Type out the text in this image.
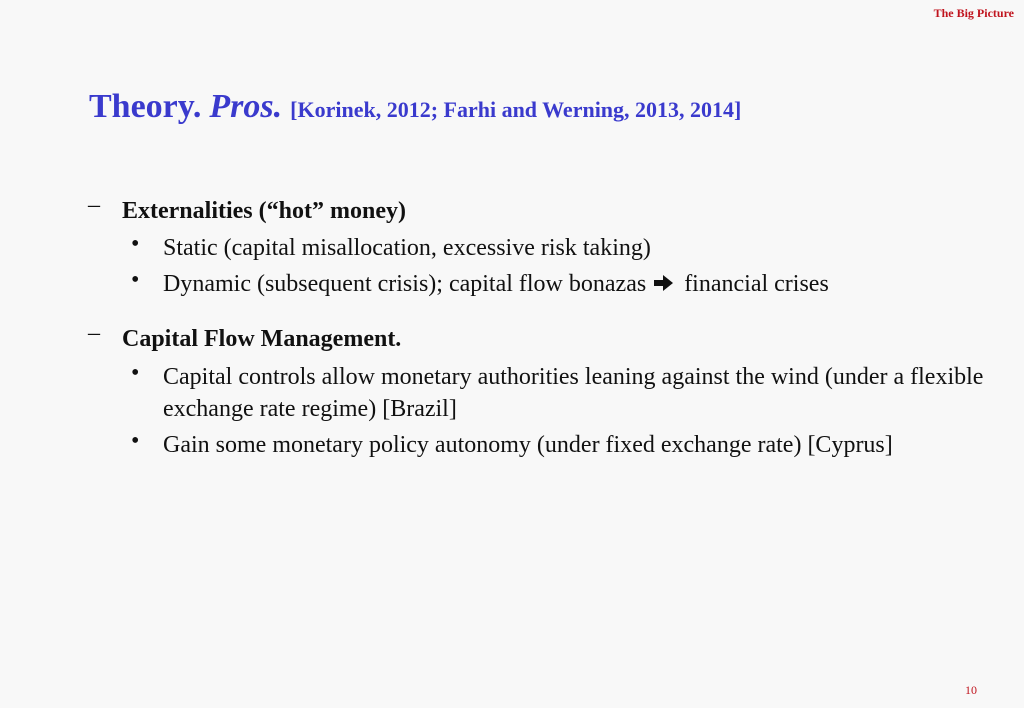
The Big Picture
Theory. Pros. [Korinek, 2012; Farhi and Werning, 2013, 2014]
– Externalities (“hot” money)
• Static (capital misallocation, excessive risk taking)
• Dynamic (subsequent crisis); capital flow bonazas financial crises
– Capital Flow Management.
• Capital controls allow monetary authorities leaning against the wind (under a flexible exchange rate regime) [Brazil]
• Gain some monetary policy autonomy (under fixed exchange rate) [Cyprus]
10
